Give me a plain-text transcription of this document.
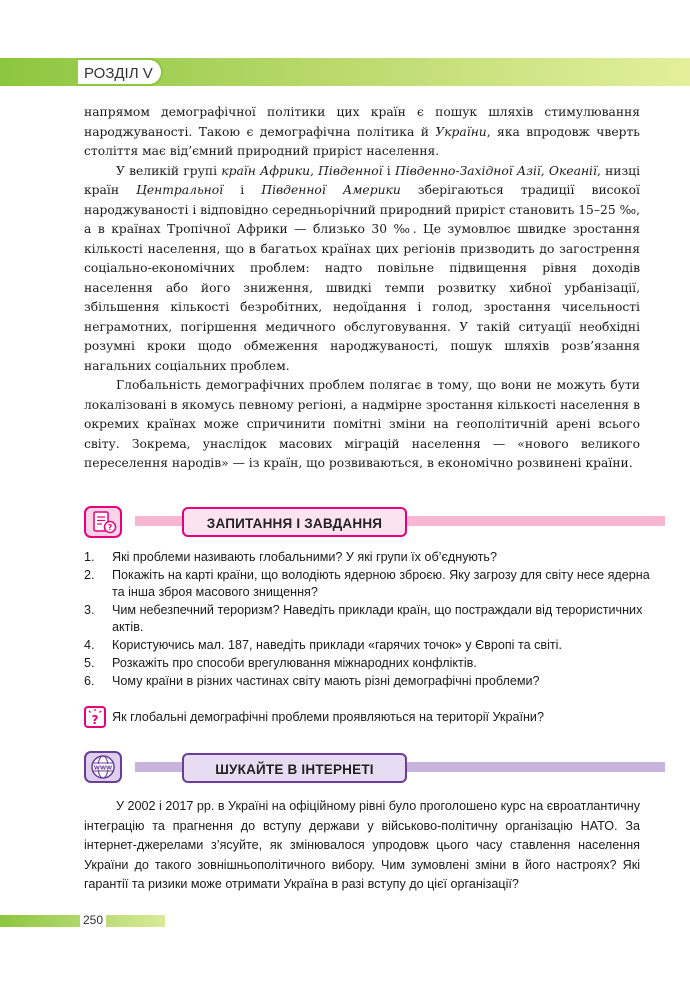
РОЗДІЛ V

напрямом демографічної політики цих країн є пошук шляхів стимулювання народжуваності. Такою є демографічна політика й України, яка впродовж чверть століття має від’ємний природний приріст населення.

У великій групі країн Африки, Південної і Південно-Західної Азії, Океанії, низці країн Центральної і Південної Америки зберігаються традиції високої народжуваності і відповідно середньорічний природний приріст становить 15–25 ‰, а в країнах Тропічної Африки — близько 30 ‰. Це зумовлює швидке зростання кількості населення, що в багатьох країнах цих регіонів призводить до загострення соціально-економічних проблем: надто повільне підвищення рівня доходів населення або його зниження, швидкі темпи розвитку хибної урбанізації, збільшення кількості безробітних, недоїдання і голод, зростання чисельності неграмотних, погіршення медичного обслуговування. У такій ситуації необхідні розумні кроки щодо обмеження народжуваності, пошук шляхів розв’язання нагальних соціальних проблем.

Глобальність демографічних проблем полягає в тому, що вони не можуть бути локалізовані в якомусь певному регіоні, а надмірне зростання кількості населення в окремих країнах може спричинити помітні зміни на геополітичній арені всього світу. Зокрема, унаслідок масових міграцій населення — «нового великого переселення народів» — із країн, що розвиваються, в економічно розвинені країни.

?	ЗАПИТАННЯ І ЗАВДАННЯ
1.	Які проблеми називають глобальними? У які групи їх об’єднують?
2.	Покажіть на карті країни, що володіють ядерною зброєю. Яку загрозу для світу несе ядерна та інша зброя масового знищення?
3.	Чим небезпечний тероризм? Наведіть приклади країн, що постраждали від терористичних актів.
4.	Користуючись мал. 187, наведіть приклади «гарячих точок» у Європі та світі.
5.	Розкажіть про способи врегулювання міжнародних конфліктів.
6.	Чому країни в різних частинах світу мають різні демографічні проблеми?
? Як глобальні демографічні проблеми проявляються на території України?
WWW	ШУКАЙТЕ В ІНТЕРНЕТІ

У 2002 і 2017 рр. в Україні на офіційному рівні було проголошено курс на євроатлантичну інтеграцію та прагнення до вступу держави у військово-політичну організацію НАТО. За інтернет-джерелами з’ясуйте, як змінювалося упродовж цього часу ставлення населення України до такого зовнішньополітичного вибору. Чим зумовлені зміни в його настроях? Які гарантії та ризики може отримати Україна в разі вступу до цієї організації?

250
